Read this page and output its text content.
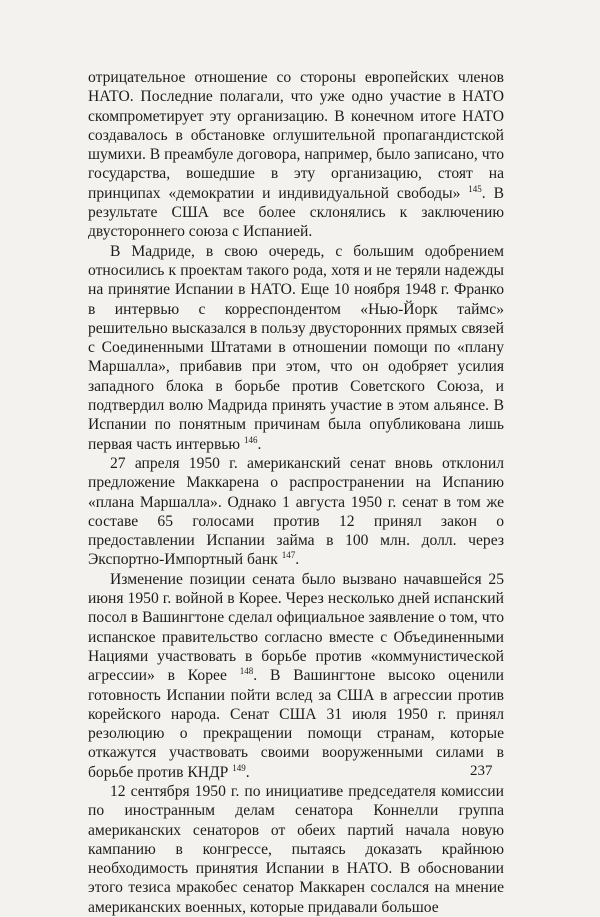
отрицательное отношение со стороны европейских членов НАТО. Последние полагали, что уже одно участие в НАТО скомпрометирует эту организацию. В конечном итоге НАТО создавалось в обстановке оглушительной пропагандистской шумихи. В преамбуле договора, например, было записано, что государства, вошедшие в эту организацию, стоят на принципах «демократии и индивидуальной свободы» $^{145}$. В результате США все более склонялись к заключению двустороннего союза с Испанией.

В Мадриде, в свою очередь, с большим одобрением относились к проектам такого рода, хотя и не теряли надежды на принятие Испании в НАТО. Еще 10 ноября 1948 г. Франко в интервью с корреспондентом «Нью-Йорк таймс» решительно высказался в пользу двусторонних прямых связей с Соединенными Штатами в отношении помощи по «плану Маршалла», прибавив при этом, что он одобряет усилия западного блока в борьбе против Советского Союза, и подтвердил волю Мадрида принять участие в этом альянсе. В Испании по понятным причинам была опубликована лишь первая часть интервью $^{146}$.

27 апреля 1950 г. американский сенат вновь отклонил предложение Маккарена о распространении на Испанию «плана Маршалла». Однако 1 августа 1950 г. сенат в том же составе 65 голосами против 12 принял закон о предоставлении Испании займа в 100 млн. долл. через Экспортно-Импортный банк $^{147}$.

Изменение позиции сената было вызвано начавшейся 25 июня 1950 г. войной в Корее. Через несколько дней испанский посол в Вашингтоне сделал официальное заявление о том, что испанское правительство согласно вместе с Объединенными Нациями участвовать в борьбе против «коммунистической агрессии» в Корее $^{148}$. В Вашингтоне высоко оценили готовность Испании пойти вслед за США в агрессии против корейского народа. Сенат США 31 июля 1950 г. принял резолюцию о прекращении помощи странам, которые откажутся участвовать своими вооруженными силами в борьбе против КНДР $^{149}$.

12 сентября 1950 г. по инициативе председателя комиссии по иностранным делам сенатора Коннелли группа американских сенаторов от обеих партий начала новую кампанию в конгрессе, пытаясь доказать крайнюю необходимость принятия Испании в НАТО. В обосновании этого тезиса мракобес сенатор Маккарен сослался на мнение американских военных, которые придавали большое

237
